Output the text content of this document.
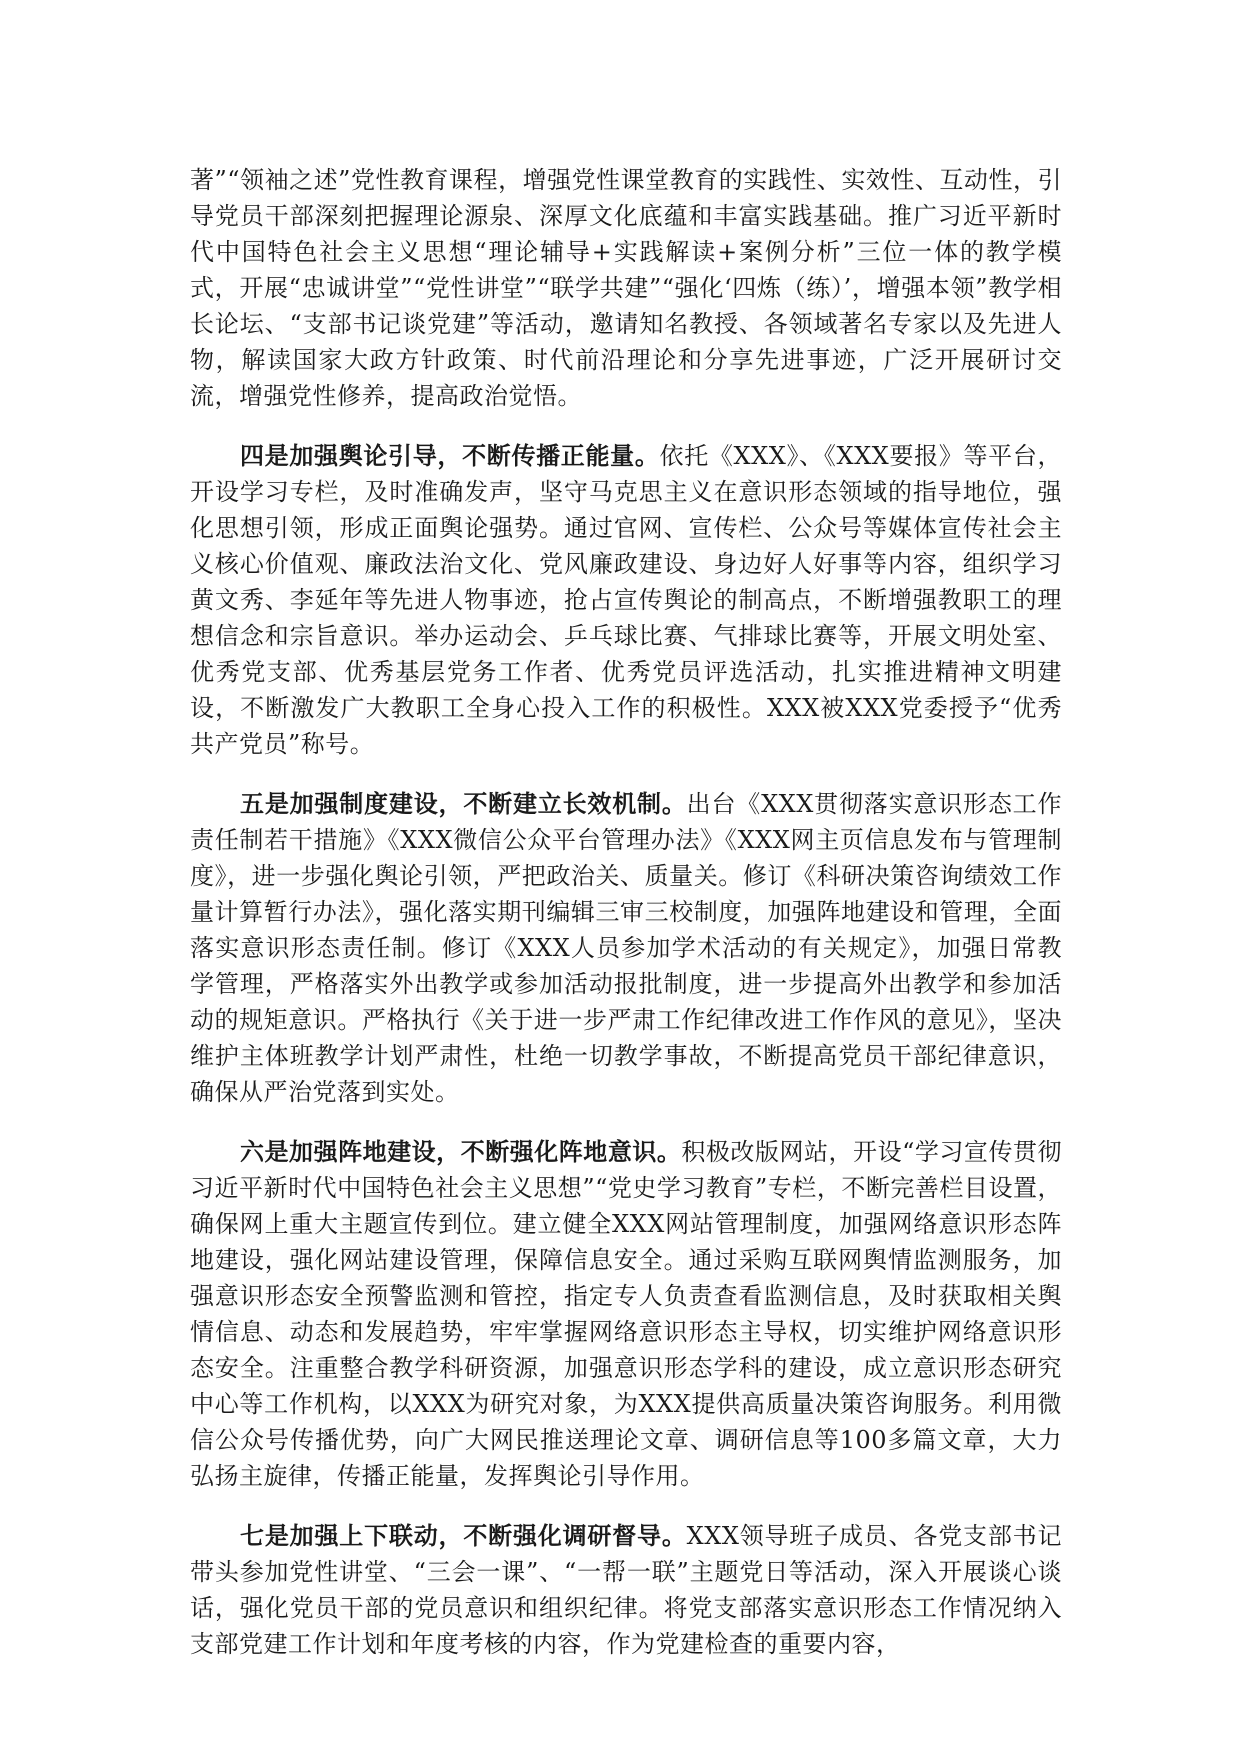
著”“领袖之述”党性教育课程，增强党性课堂教育的实践性、实效性、互动性，引导党员干部深刻把握理论源泉、深厚文化底蕴和丰富实践基础。推广习近平新时代中国特色社会主义思想“理论辅导+实践解读+案例分析”三位一体的教学模式，开展“忠诚讲堂”“党性讲堂”“联学共建”“强化‘四炼（练）’，增强本领”教学相长论坛、“支部书记谈党建”等活动，邀请知名教授、各领域著名专家以及先进人物，解读国家大政方针政策、时代前沿理论和分享先进事迹，广泛开展研讨交流，增强党性修养，提高政治觉悟。

四是加强舆论引导，不断传播正能量。依托《XXX》、《XXX要报》等平台，开设学习专栏，及时准确发声，坚守马克思主义在意识形态领域的指导地位，强化思想引领，形成正面舆论强势。通过官网、宣传栏、公众号等媒体宣传社会主义核心价值观、廉政法治文化、党风廉政建设、身边好人好事等内容，组织学习黄文秀、李延年等先进人物事迹，抢占宣传舆论的制高点，不断增强教职工的理想信念和宗旨意识。举办运动会、乒乓球比赛、气排球比赛等，开展文明处室、优秀党支部、优秀基层党务工作者、优秀党员评选活动，扎实推进精神文明建设，不断激发广大教职工全身心投入工作的积极性。XXX被XXX党委授予“优秀共产党员”称号。

五是加强制度建设，不断建立长效机制。出台《XXX贯彻落实意识形态工作责任制若干措施》《XXX微信公众平台管理办法》《XXX网主页信息发布与管理制度》，进一步强化舆论引领，严把政治关、质量关。修订《科研决策咨询绩效工作量计算暂行办法》，强化落实期刊编辑三审三校制度，加强阵地建设和管理，全面落实意识形态责任制。修订《XXX人员参加学术活动的有关规定》，加强日常教学管理，严格落实外出教学或参加活动报批制度，进一步提高外出教学和参加活动的规矩意识。严格执行《关于进一步严肃工作纪律改进工作作风的意见》，坚决维护主体班教学计划严肃性，杜绝一切教学事故，不断提高党员干部纪律意识，确保从严治党落到实处。

六是加强阵地建设，不断强化阵地意识。积极改版网站，开设“学习宣传贯彻习近平新时代中国特色社会主义思想”“党史学习教育”专栏，不断完善栏目设置，确保网上重大主题宣传到位。建立健全XXX网站管理制度，加强网络意识形态阵地建设，强化网站建设管理，保障信息安全。通过采购互联网舆情监测服务，加强意识形态安全预警监测和管控，指定专人负责查看监测信息，及时获取相关舆情信息、动态和发展趋势，牢牢掌握网络意识形态主导权，切实维护网络意识形态安全。注重整合教学科研资源，加强意识形态学科的建设，成立意识形态研究中心等工作机构，以XXX为研究对象，为XXX提供高质量决策咨询服务。利用微信公众号传播优势，向广大网民推送理论文章、调研信息等100多篇文章，大力弘扬主旋律，传播正能量，发挥舆论引导作用。

七是加强上下联动，不断强化调研督导。XXX领导班子成员、各党支部书记带头参加党性讲堂、“三会一课”、“一帮一联”主题党日等活动，深入开展谈心谈话，强化党员干部的党员意识和组织纪律。将党支部落实意识形态工作情况纳入支部党建工作计划和年度考核的内容，作为党建检查的重要内容，
